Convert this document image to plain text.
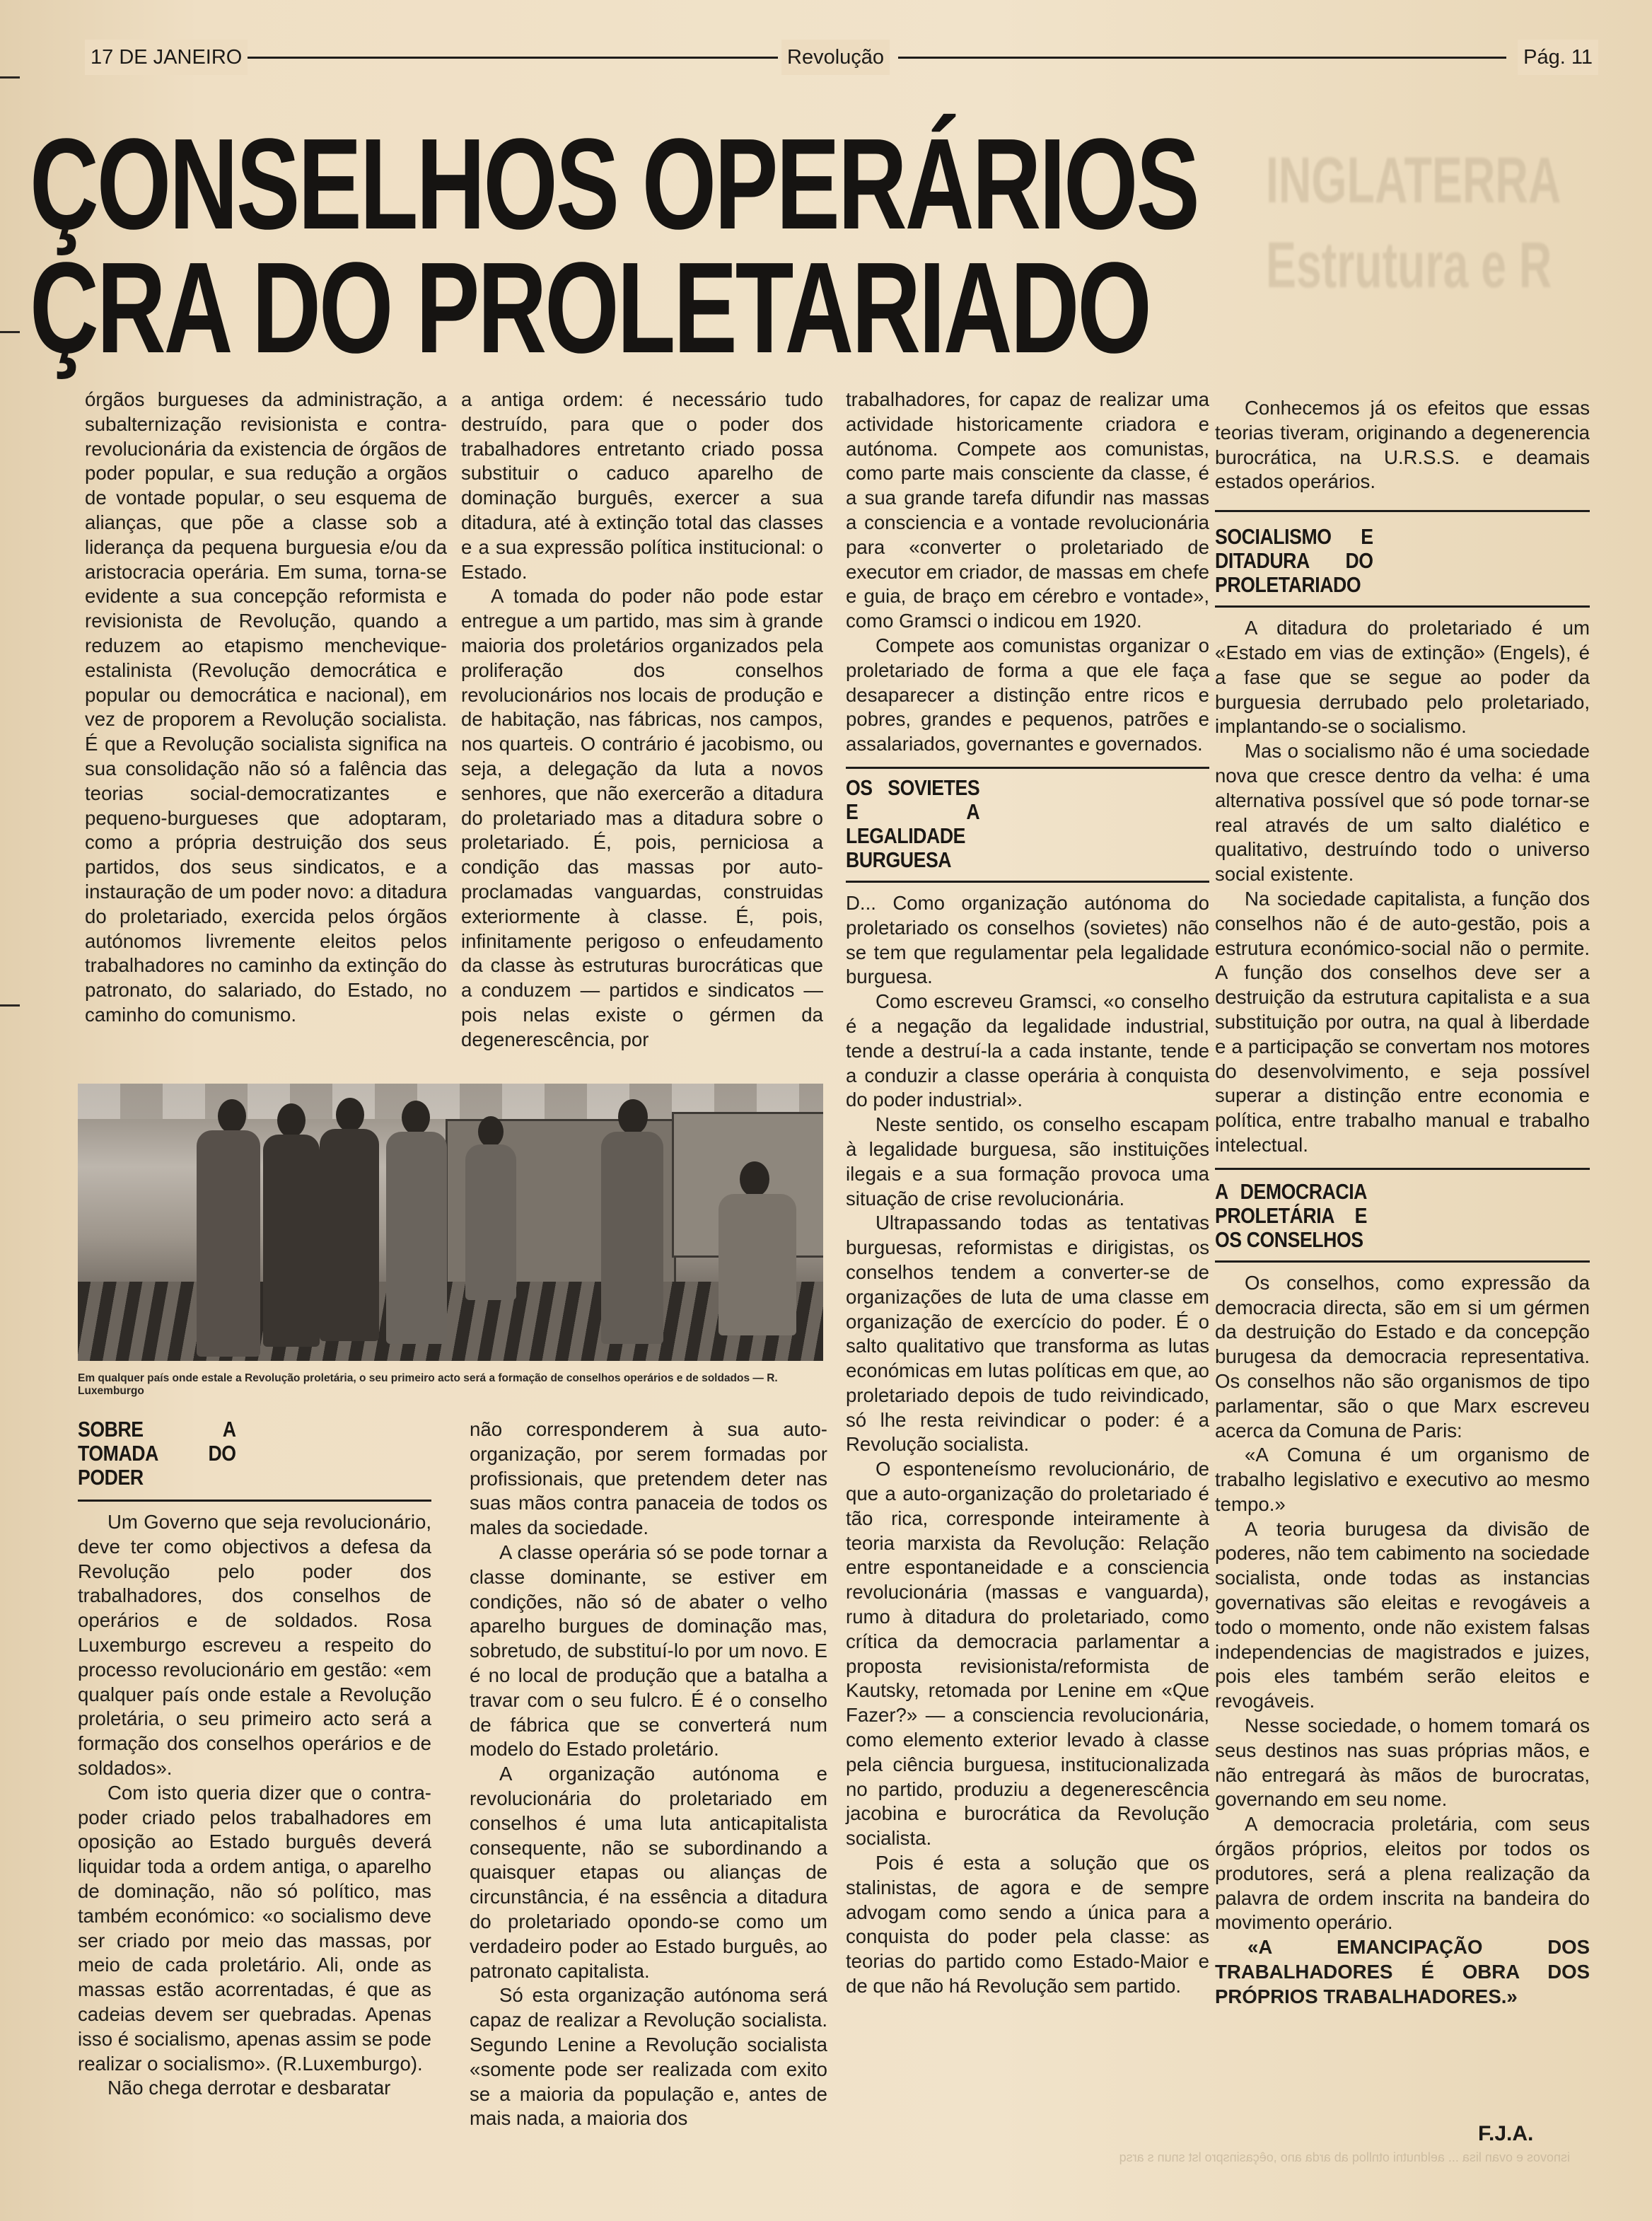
INGLATERRA
Estrutura e R
17 DE JANEIRO	Revolução	Pág. 11
ÇONSELHOS OPERÁRIOS
ÇRA DO PROLETARIADO

órgãos burgueses da administração, a subalternização revisionista e contra-revolucionária da existencia de órgãos de poder popular, e sua redução a orgãos de vontade popular, o seu esquema de alianças, que põe a classe sob a liderança da pequena burguesia e/ou da aristocracia operária. Em suma, torna-se evidente a sua concepção reformista e revisionista de Revolução, quando a reduzem ao etapismo menchevique-estalinista (Revolução democrática e popular ou democrática e nacional), em vez de proporem a Revolução socialista. É que a Revolução socialista significa na sua consolidação não só a falência das teorias social-democratizantes e pequeno-burgueses que adoptaram, como a própria destruição dos seus partidos, dos seus sindicatos, e a instauração de um poder novo: a ditadura do proletariado, exercida pelos órgãos autónomos livremente eleitos pelos trabalhadores no caminho da extinção do patronato, do salariado, do Estado, no caminho do comunismo.

a antiga ordem: é necessário tudo destruído, para que o poder dos trabalhadores entretanto criado possa substituir o caduco aparelho de dominação burguês, exercer a sua ditadura, até à extinção total das classes e a sua expressão política institucional: o Estado.

A tomada do poder não pode estar entregue a um partido, mas sim à grande maioria dos proletários organizados pela proliferação dos conselhos revolucionários nos locais de produção e de habitação, nas fábricas, nos campos, nos quarteis. O contrário é jacobismo, ou seja, a delegação da luta a novos senhores, que não exercerão a ditadura do proletariado mas a ditadura sobre o proletariado. É, pois, perniciosa a condição das massas por auto-proclamadas vanguardas, construidas exteriormente à classe. É, pois, infinitamente perigoso o enfeudamento da classe às estruturas burocráticas que a conduzem — partidos e sindicatos — pois nelas existe o gérmen da degenerescência, por

trabalhadores, for capaz de realizar uma actividade historicamente criadora e autónoma. Compete aos comunistas, como parte mais consciente da classe, é a sua grande tarefa difundir nas massas a consciencia e a vontade revolucionária para «converter o proletariado de executor em criador, de massas em chefe e guia, de braço em cérebro e vontade», como Gramsci o indicou em 1920.

Compete aos comunistas organizar o proletariado de forma a que ele faça desaparecer a distinção entre ricos e pobres, grandes e pequenos, patrões e assalariados, governantes e governados.

OS SOVIETES E A LEGALIDADE BURGUESA

D... Como organização autónoma do proletariado os conselhos (sovietes) não se tem que regulamentar pela legalidade burguesa.

Como escreveu Gramsci, «o conselho é a negação da legalidade industrial, tende a destruí-la a cada instante, tende a conduzir a classe operária à conquista do poder industrial».

Neste sentido, os conselho escapam à legalidade burguesa, são instituições ilegais e a sua formação provoca uma situação de crise revolucionária.

Ultrapassando todas as tentativas burguesas, reformistas e dirigistas, os conselhos tendem a converter-se de organizações de luta de uma classe em organização de exercício do poder. É o salto qualitativo que transforma as lutas económicas em lutas políticas em que, ao proletariado depois de tudo reivindicado, só lhe resta reivindicar o poder: é a Revolução socialista.

O esponteneísmo revolucionário, de que a auto-organização do proletariado é tão rica, corresponde inteiramente à teoria marxista da Revolução: Relação entre espontaneidade e a consciencia revolucionária (massas e vanguarda), rumo à ditadura do proletariado, como crítica da democracia parlamentar a proposta revisionista/reformista de Kautsky, retomada por Lenine em «Que Fazer?» — a consciencia revolucionária, como elemento exterior levado à classe pela ciência burguesa, institucionalizada no partido, produziu a degenerescência jacobina e burocrática da Revolução socialista.

Pois é esta a solução que os stalinistas, de agora e de sempre advogam como sendo a única para a conquista do poder pela classe: as teorias do partido como Estado-Maior e de que não há Revolução sem partido.

Conhecemos já os efeitos que essas teorias tiveram, originando a degenerencia burocrática, na U.R.S.S. e deamais estados operários.

SOCIALISMO E DITADURA DO PROLETARIADO

A ditadura do proletariado é um «Estado em vias de extinção» (Engels), é a fase que se segue ao poder da burguesia derrubado pelo proletariado, implantando-se o socialismo.

Mas o socialismo não é uma sociedade nova que cresce dentro da velha: é uma alternativa possível que só pode tornar-se real através de um salto dialético e qualitativo, destruíndo todo o universo social existente.

Na sociedade capitalista, a função dos conselhos não é de auto-gestão, pois a estrutura económico-social não o permite. A função dos conselhos deve ser a destruição da estrutura capitalista e a sua substituição por outra, na qual à liberdade e a participação se convertam nos motores do desenvolvimento, e seja possível superar a distinção entre economia e política, entre trabalho manual e trabalho intelectual.

A DEMOCRACIA PROLETÁRIA E OS CONSELHOS

Os conselhos, como expressão da democracia directa, são em si um gérmen da destruição do Estado e da concepção burugesa da democracia representativa. Os conselhos não são organismos de tipo parlamentar, são o que Marx escreveu acerca da Comuna de Paris:

«A Comuna é um organismo de trabalho legislativo e executivo ao mesmo tempo.»

A teoria burugesa da divisão de poderes, não tem cabimento na sociedade socialista, onde todas as instancias governativas são eleitas e revogáveis a todo o momento, onde não existem falsas independencias de magistrados e juizes, pois eles também serão eleitos e revogáveis.

Nesse sociedade, o homem tomará os seus destinos nas suas próprias mãos, e não entregará às mãos de burocratas, governando em seu nome.

A democracia proletária, com seus órgãos próprios, eleitos por todos os produtores, será a plena realização da palavra de ordem inscrita na bandeira do movimento operário.

«A EMANCIPAÇÃO DOS TRABALHADORES É OBRA DOS PRÓPRIOS TRABALHADORES.»

Em qualquer país onde estale a Revolução proletária, o seu primeiro acto será a formação de conselhos operários e de soldados — R. Luxemburgo
SOBRE A TOMADA DO PODER

Um Governo que seja revolucionário, deve ter como objectivos a defesa da Revolução pelo poder dos trabalhadores, dos conselhos de operários e de soldados. Rosa Luxemburgo escreveu a respeito do processo revolucionário em gestão: «em qualquer país onde estale a Revolução proletária, o seu primeiro acto será a formação dos conselhos operários e de soldados».

Com isto queria dizer que o contra-poder criado pelos trabalhadores em oposição ao Estado burguês deverá liquidar toda a ordem antiga, o aparelho de dominação, não só político, mas também económico: «o socialismo deve ser criado por meio das massas, por meio de cada proletário. Ali, onde as massas estão acorrentadas, é que as cadeias devem ser quebradas. Apenas isso é socialismo, apenas assim se pode realizar o socialismo». (R.Luxemburgo).

Não chega derrotar e desbaratar

não corresponderem à sua auto-organização, por serem formadas por profissionais, que pretendem deter nas suas mãos contra panaceia de todos os males da sociedade.

A classe operária só se pode tornar a classe dominante, se estiver em condições, não só de abater o velho aparelho burgues de dominação mas, sobretudo, de substituí-lo por um novo. E é no local de produção que a batalha a travar com o seu fulcro. É é o conselho de fábrica que se converterá num modelo do Estado proletário.

A organização autónoma e revolucionária do proletariado em conselhos é uma luta anticapitalista consequente, não se subordinando a quaisquer etapas ou alianças de circunstância, é na essência a ditadura do proletariado opondo-se como um verdadeiro poder ao Estado burguês, ao patronato capitalista.

Só esta organização autónoma será capaz de realizar a Revolução socialista. Segundo Lenine a Revolução socialista «somente pode ser realizada com exito se a maioria da população e, antes de mais nada, a maioria dos

F.J.A.
isnovos e ovan lisa ... aeldnutni otnlloq ab arda ano ,oêçasinspro lst snun s arsq
